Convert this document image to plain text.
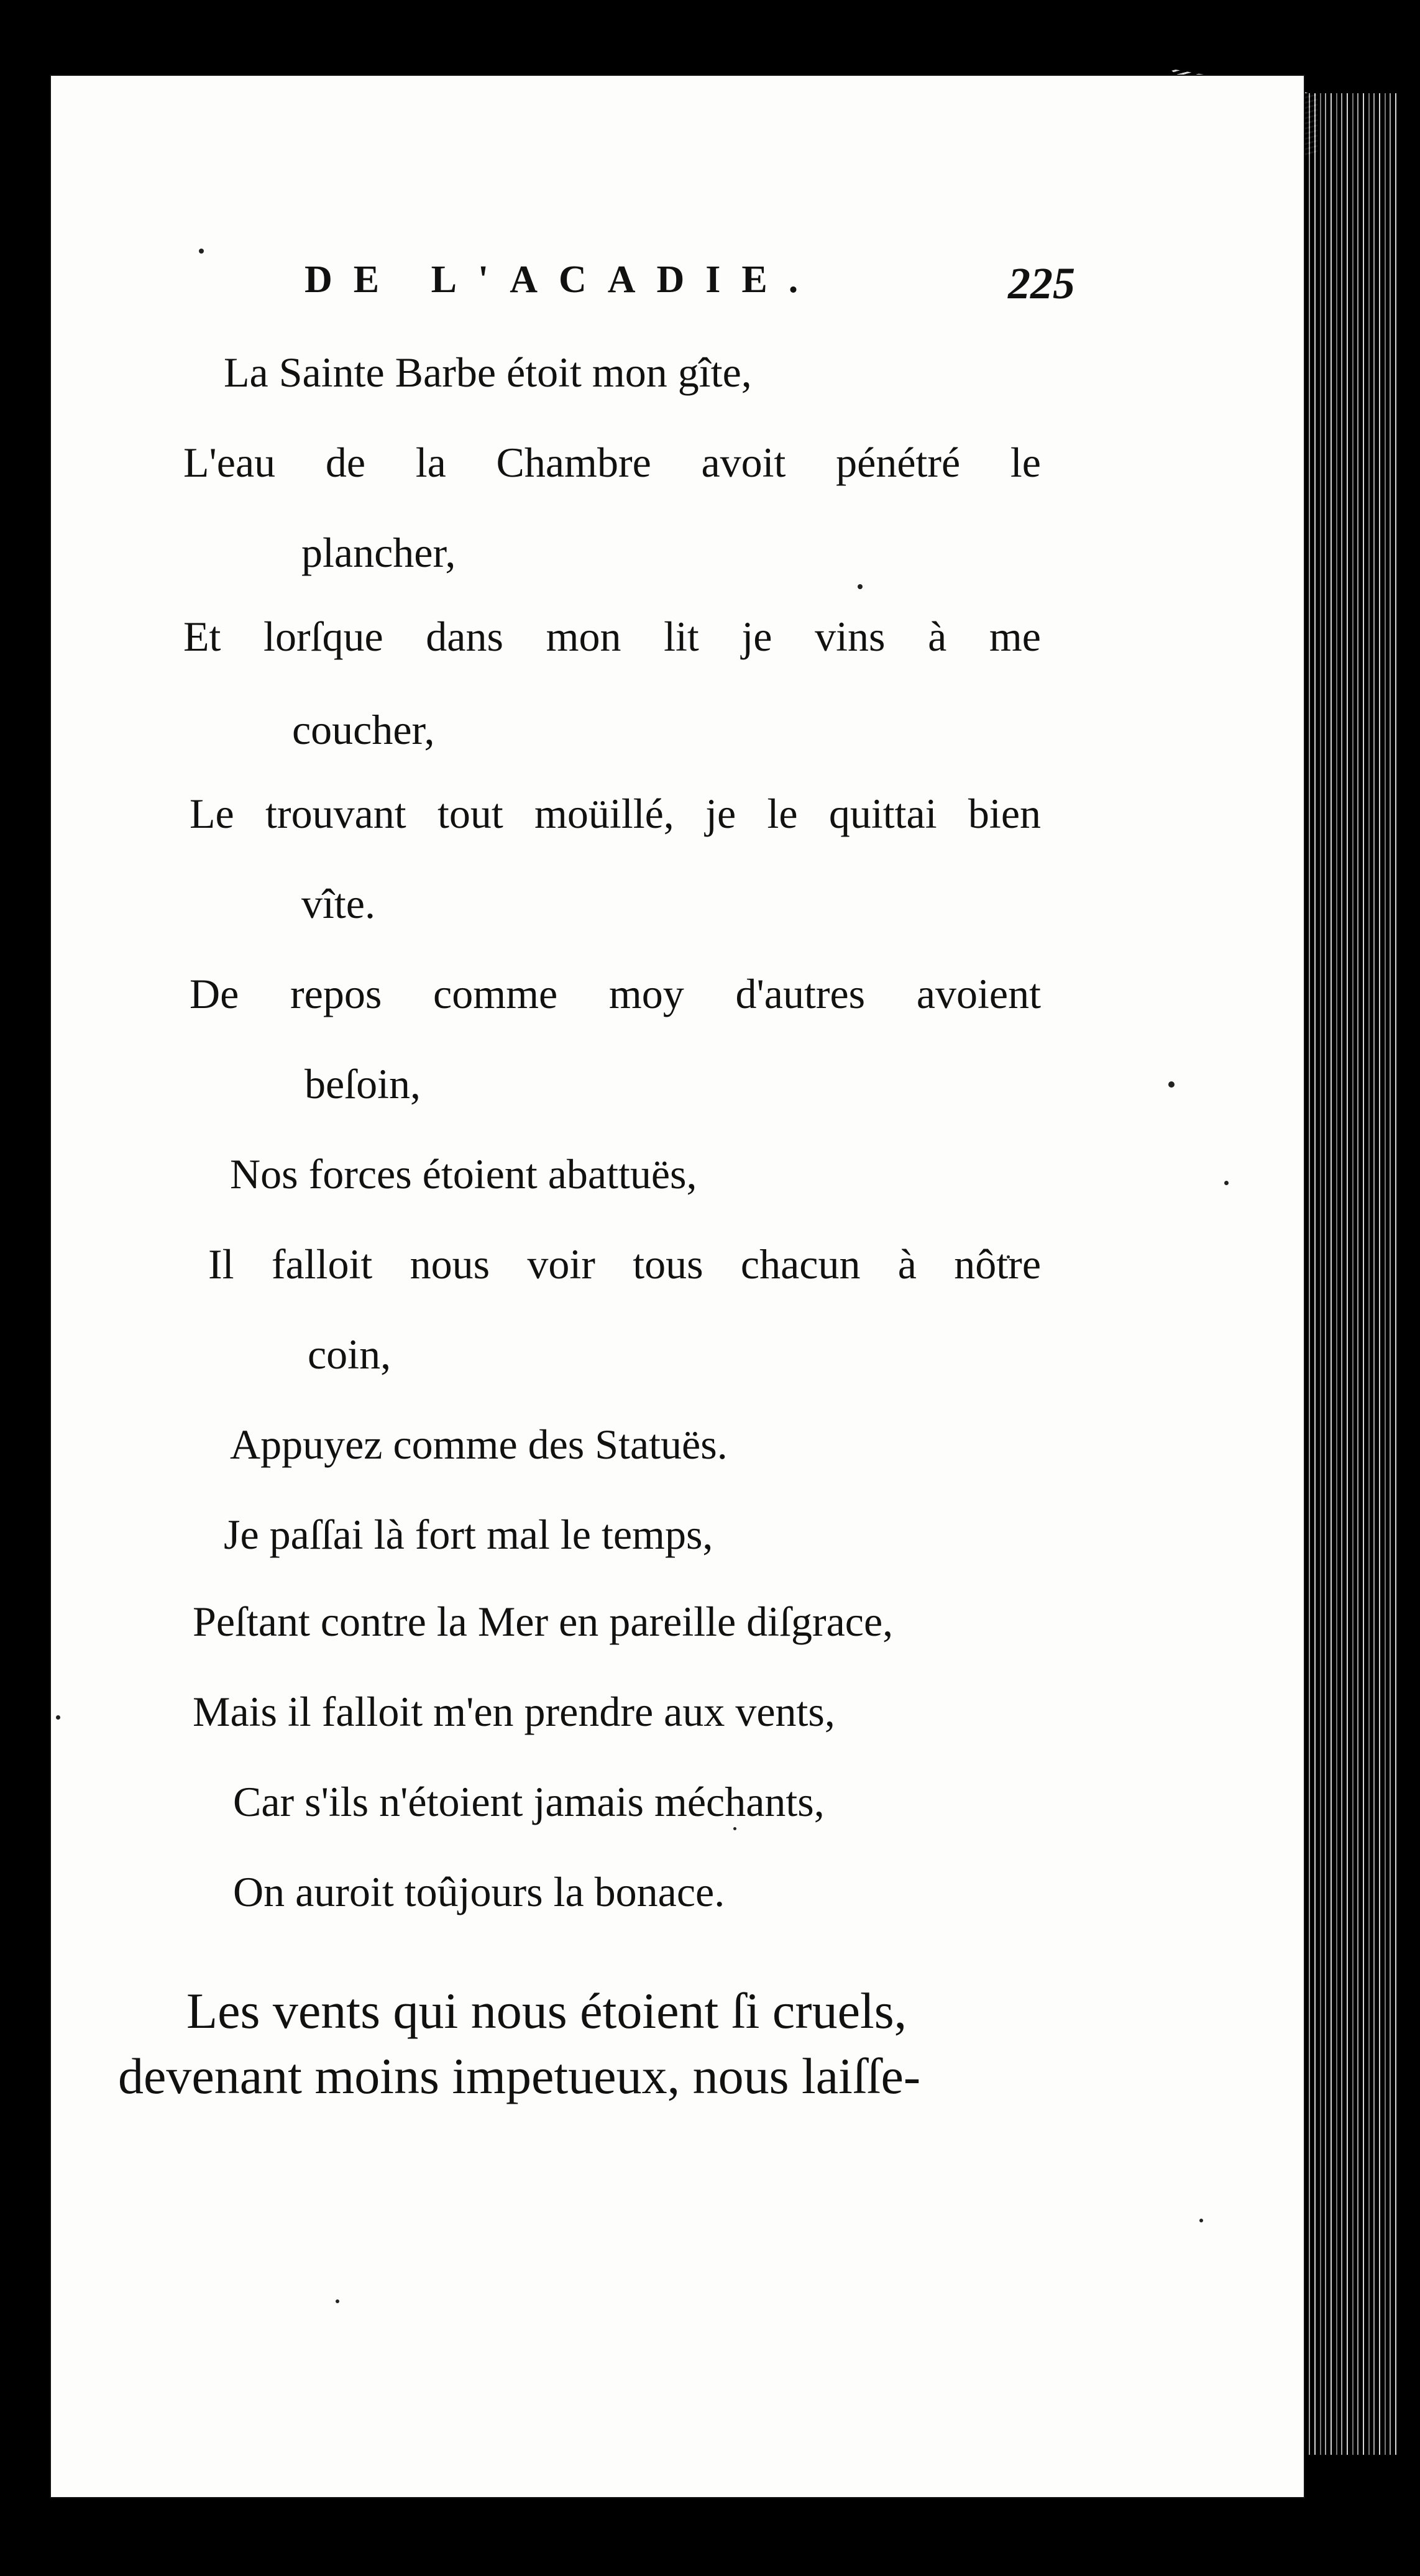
DE L'ACADIE.	225
La Sainte Barbe étoit mon gîte,
L'eau de la Chambre avoit pénétré le
plancher,
Et lorſque dans mon lit je vins à me
coucher,
Le trouvant tout moüillé, je le quittai bien
vîte.
De repos comme moy d'autres avoient
beſoin,
Nos forces étoient abattuës,
Il falloit nous voir tous chacun à nôtre
coin,
Appuyez comme des Statuës.
Je paſſai là fort mal le temps,
Peſtant contre la Mer en pareille diſgrace,
Mais il falloit m'en prendre aux vents,
Car s'ils n'étoient jamais méchants,
On auroit toûjours la bonace.
Les vents qui nous étoient ſi cruels,
devenant moins impetueux, nous laiſſe-
